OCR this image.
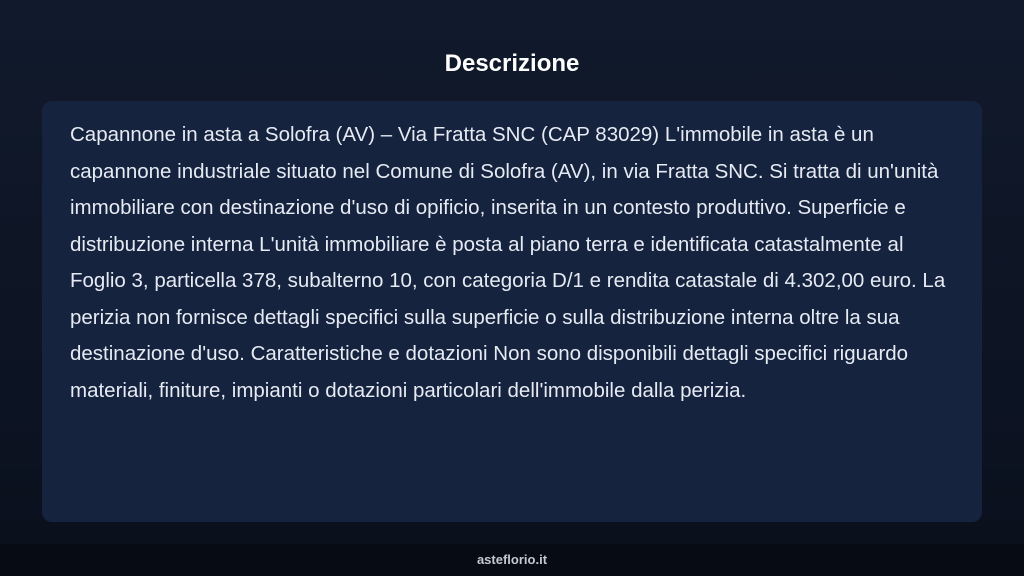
Descrizione

Capannone in asta a Solofra (AV) – Via Fratta SNC (CAP 83029) L'immobile in asta è un capannone industriale situato nel Comune di Solofra (AV), in via Fratta SNC. Si tratta di un'unità immobiliare con destinazione d'uso di opificio, inserita in un contesto produttivo. Superficie e distribuzione interna L'unità immobiliare è posta al piano terra e identificata catastalmente al Foglio 3, particella 378, subalterno 10, con categoria D/1 e rendita catastale di 4.302,00 euro. La perizia non fornisce dettagli specifici sulla superficie o sulla distribuzione interna oltre la sua destinazione d'uso. Caratteristiche e dotazioni Non sono disponibili dettagli specifici riguardo materiali, finiture, impianti o dotazioni particolari dell'immobile dalla perizia.

asteflorio.it
